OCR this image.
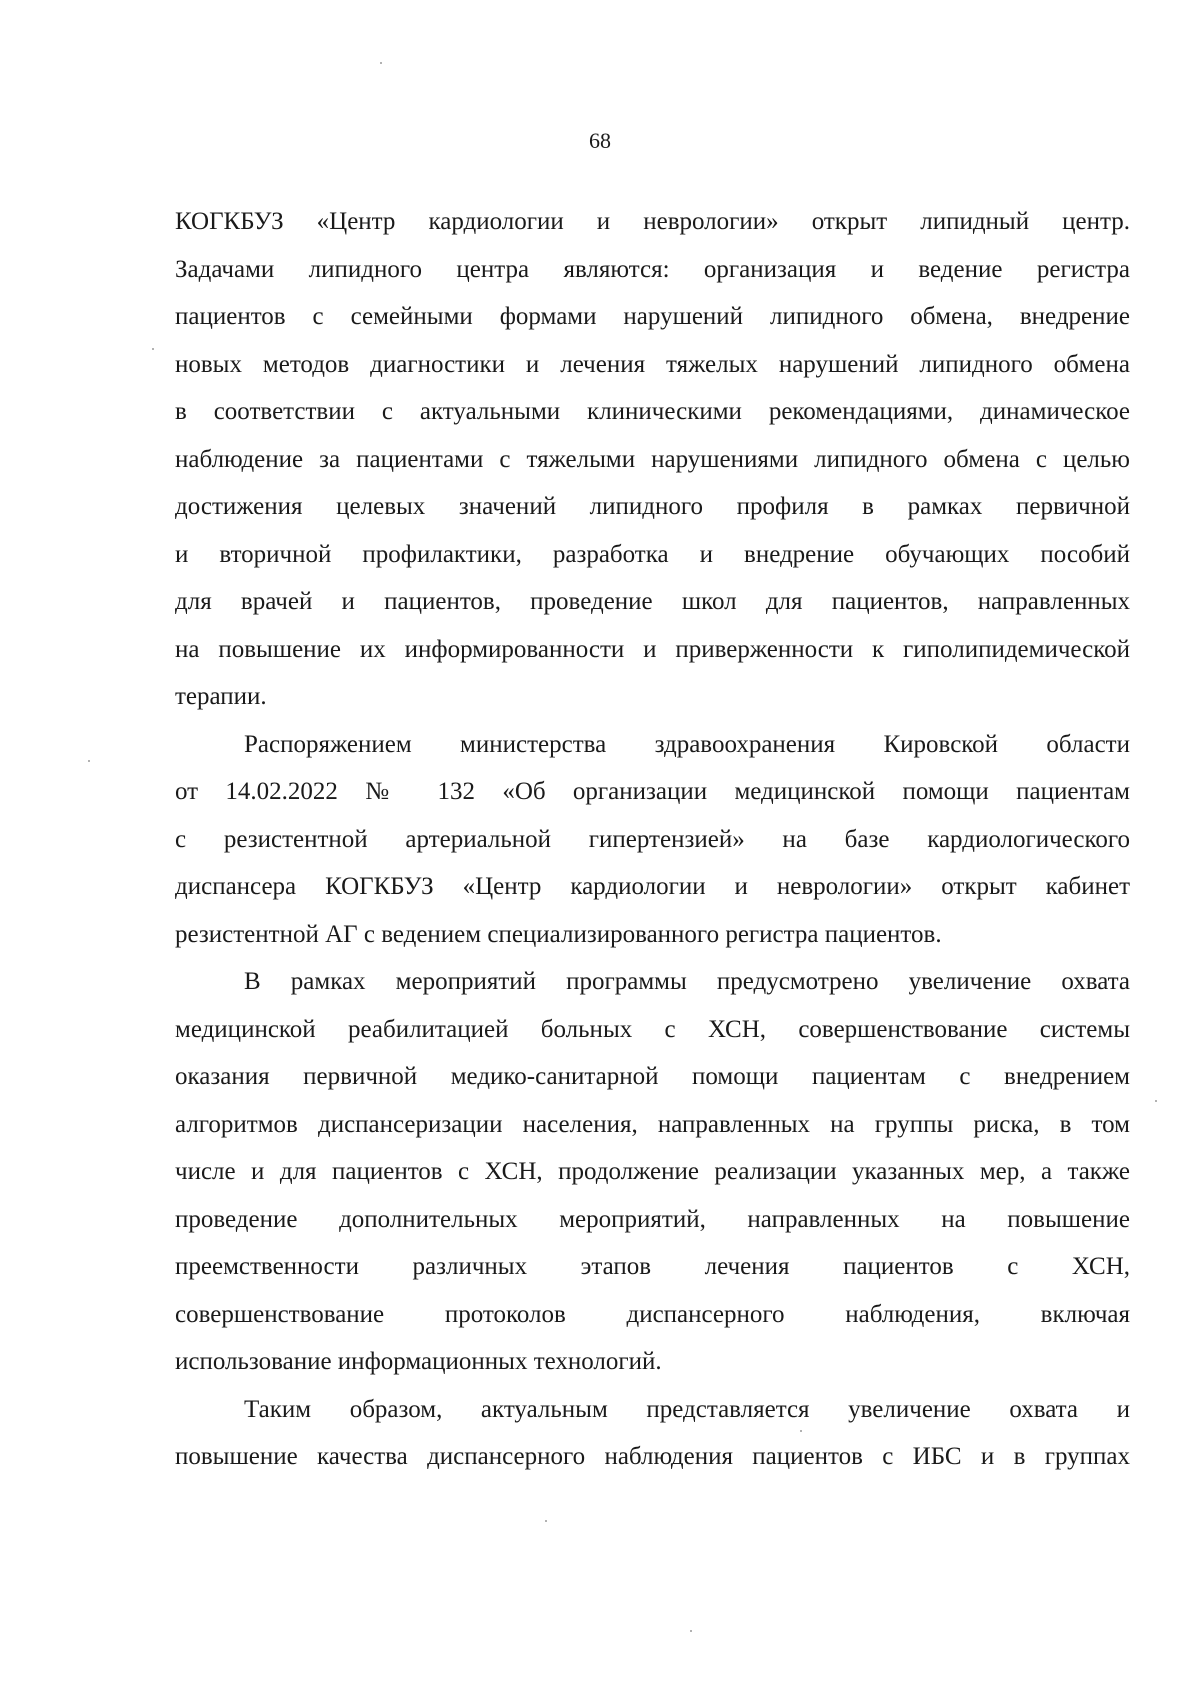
68
КОГКБУЗ «Центр кардиологии и неврологии» открыт липидный центр.
Задачами липидного центра являются: организация и ведение регистра
пациентов с семейными формами нарушений липидного обмена, внедрение
новых методов диагностики и лечения тяжелых нарушений липидного обмена
в соответствии с актуальными клиническими рекомендациями, динамическое
наблюдение за пациентами с тяжелыми нарушениями липидного обмена с целью
достижения целевых значений липидного профиля в рамках первичной
и вторичной профилактики, разработка и внедрение обучающих пособий
для врачей и пациентов, проведение школ для пациентов, направленных
на повышение их информированности и приверженности к гиполипидемической
терапии.
Распоряжением министерства здравоохранения Кировской области
от 14.02.2022 № 132 «Об организации медицинской помощи пациентам
с резистентной артериальной гипертензией» на базе кардиологического
диспансера КОГКБУЗ «Центр кардиологии и неврологии» открыт кабинет
резистентной АГ с ведением специализированного регистра пациентов.
В рамках мероприятий программы предусмотрено увеличение охвата
медицинской реабилитацией больных с ХСН, совершенствование системы
оказания первичной медико-санитарной помощи пациентам с внедрением
алгоритмов диспансеризации населения, направленных на группы риска, в том
числе и для пациентов с ХСН, продолжение реализации указанных мер, а также
проведение дополнительных мероприятий, направленных на повышение
преемственности различных этапов лечения пациентов с ХСН,
совершенствование протоколов диспансерного наблюдения, включая
использование информационных технологий.
Таким образом, актуальным представляется увеличение охвата и
повышение качества диспансерного наблюдения пациентов с ИБС и в группах
